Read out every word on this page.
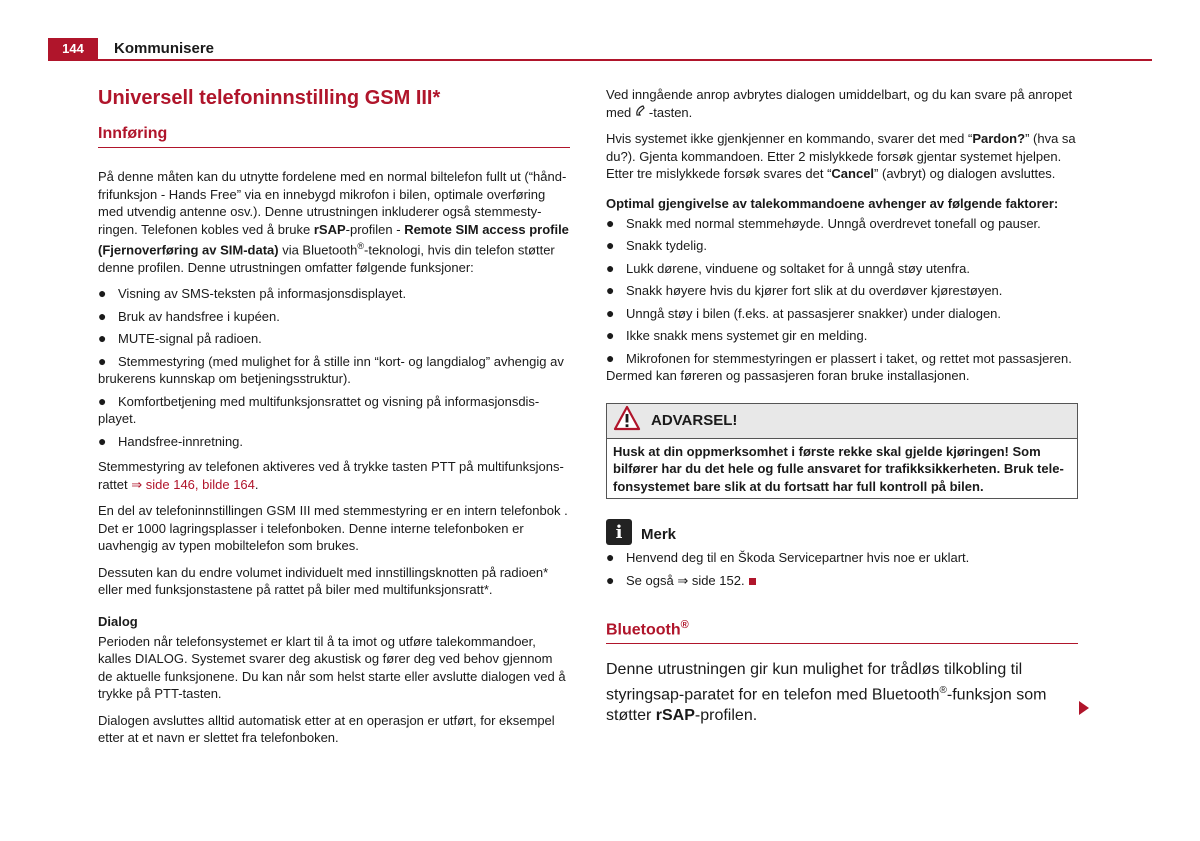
144	Kommunisere
Universell telefoninnstilling GSM III*
Innføring

På denne måten kan du utnytte fordelene med en normal biltelefon fullt ut (“hånd-frifunksjon - Hands Free” via en innebygd mikrofon i bilen, optimale overføring med utvendig antenne osv.). Denne utrustningen inkluderer også stemmesty-ringen. Telefonen kobles ved å bruke rSAP-profilen - Remote SIM access profile (Fjernoverføring av SIM-data) via Bluetooth®-teknologi, hvis din telefon støtter denne profilen. Denne utrustningen omfatter følgende funksjoner:

● Visning av SMS-teksten på informasjonsdisplayet.
● Bruk av handsfree i kupéen.
● MUTE-signal på radioen.
● Stemmestyring (med mulighet for å stille inn “kort- og langdialog” avhengig av brukerens kunnskap om betjeningsstruktur).
● Komfortbetjening med multifunksjonsrattet og visning på informasjonsdis-playet.
● Handsfree-innretning.

Stemmestyring av telefonen aktiveres ved å trykke tasten PTT på multifunksjons-rattet ⇒ side 146, bilde 164.

En del av telefoninnstillingen GSM III med stemmestyring er en intern telefonbok . Det er 1000 lagringsplasser i telefonboken. Denne interne telefonboken er uavhengig av typen mobiltelefon som brukes.

Dessuten kan du endre volumet individuelt med innstillingsknotten på radioen* eller med funksjonstastene på rattet på biler med multifunksjonsratt*.

Dialog

Perioden når telefonsystemet er klart til å ta imot og utføre talekommandoer, kalles DIALOG. Systemet svarer deg akustisk og fører deg ved behov gjennom de aktuelle funksjonene. Du kan når som helst starte eller avslutte dialogen ved å trykke på PTT-tasten.

Dialogen avsluttes alltid automatisk etter at en operasjon er utført, for eksempel etter at et navn er slettet fra telefonboken.

Ved inngående anrop avbrytes dialogen umiddelbart, og du kan svare på anropet med -tasten.

Hvis systemet ikke gjenkjenner en kommando, svarer det med “Pardon?” (hva sa du?). Gjenta kommandoen. Etter 2 mislykkede forsøk gjentar systemet hjelpen. Etter tre mislykkede forsøk svares det “Cancel” (avbryt) og dialogen avsluttes.

Optimal gjengivelse av talekommandoene avhenger av følgende faktorer:
● Snakk med normal stemmehøyde. Unngå overdrevet tonefall og pauser.
● Snakk tydelig.
● Lukk dørene, vinduene og soltaket for å unngå støy utenfra.
● Snakk høyere hvis du kjører fort slik at du overdøver kjørestøyen.
● Unngå støy i bilen (f.eks. at passasjerer snakker) under dialogen.
● Ikke snakk mens systemet gir en melding.
● Mikrofonen for stemmestyringen er plassert i taket, og rettet mot passasjeren. Dermed kan føreren og passasjeren foran bruke installasjonen.
ADVARSEL!
Husk at din oppmerksomhet i første rekke skal gjelde kjøringen! Som bilfører har du det hele og fulle ansvaret for trafikksikkerheten. Bruk tele-fonsystemet bare slik at du fortsatt har full kontroll på bilen.
i	Merk
● Henvend deg til en Škoda Servicepartner hvis noe er uklart.
● Se også ⇒ side 152.
Bluetooth®

Denne utrustningen gir kun mulighet for trådløs tilkobling til styringsap-paratet for en telefon med Bluetooth®-funksjon som støtter rSAP-profilen.
